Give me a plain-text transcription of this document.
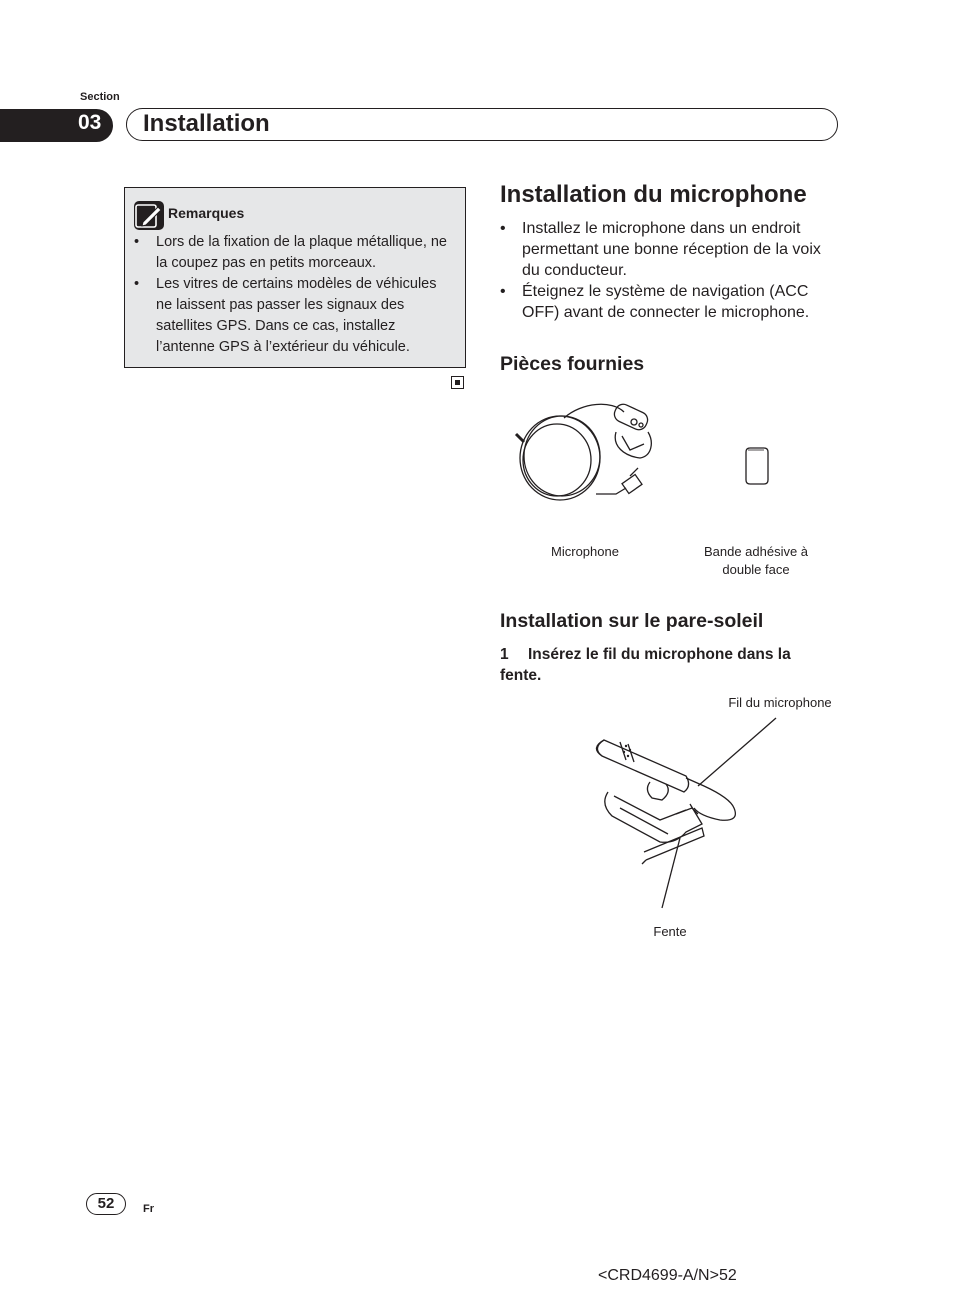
Section
03 Installation
Remarques
• Lors de la fixation de la plaque métallique, ne la coupez pas en petits morceaux.
• Les vitres de certains modèles de véhicules ne laissent pas passer les signaux des satellites GPS. Dans ce cas, installez l’antenne GPS à l’extérieur du véhicule.
Installation du microphone
• Installez le microphone dans un endroit permettant une bonne réception de la voix du conducteur.
• Éteignez le système de navigation (ACC OFF) avant de connecter le microphone.
Pièces fournies
Microphone	Bande adhésive à double face
Installation sur le pare-soleil
1 Insérez le fil du microphone dans la fente.
Fil du microphone
Fente
52	Fr
<CRD4699-A/N>52
